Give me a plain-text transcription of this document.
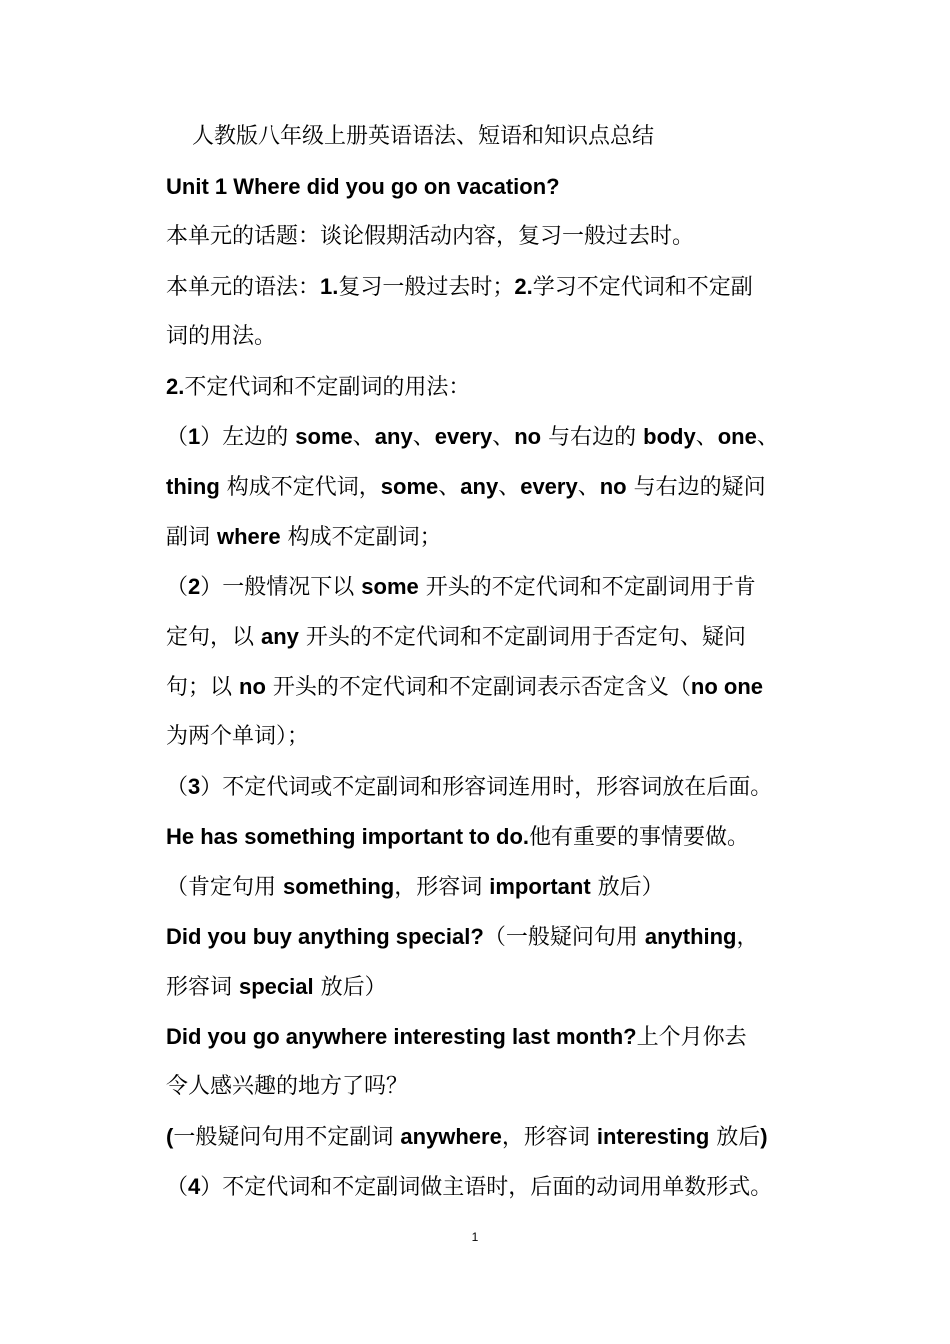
人教版八年级上册英语语法、短语和知识点总结
Unit 1 Where did you go on vacation?
本单元的话题：谈论假期活动内容，复习一般过去时。
本单元的语法：1.复习一般过去时；2.学习不定代词和不定副
词的用法。
2.不定代词和不定副词的用法：
（1）左边的 some、any、every、no 与右边的 body、one、
thing 构成不定代词，some、any、every、no 与右边的疑问
副词 where 构成不定副词；
（2）一般情况下以 some 开头的不定代词和不定副词用于肯
定句，以 any 开头的不定代词和不定副词用于否定句、疑问
句；以 no 开头的不定代词和不定副词表示否定含义（no one
为两个单词）；
（3）不定代词或不定副词和形容词连用时，形容词放在后面。
He has something important to do.他有重要的事情要做。
（肯定句用 something，形容词 important 放后）
Did you buy anything special?（一般疑问句用 anything，
形容词 special 放后）
Did you go anywhere interesting last month?上个月你去
令人感兴趣的地方了吗？
(一般疑问句用不定副词 anywhere，形容词 interesting 放后)
（4）不定代词和不定副词做主语时，后面的动词用单数形式。
1
